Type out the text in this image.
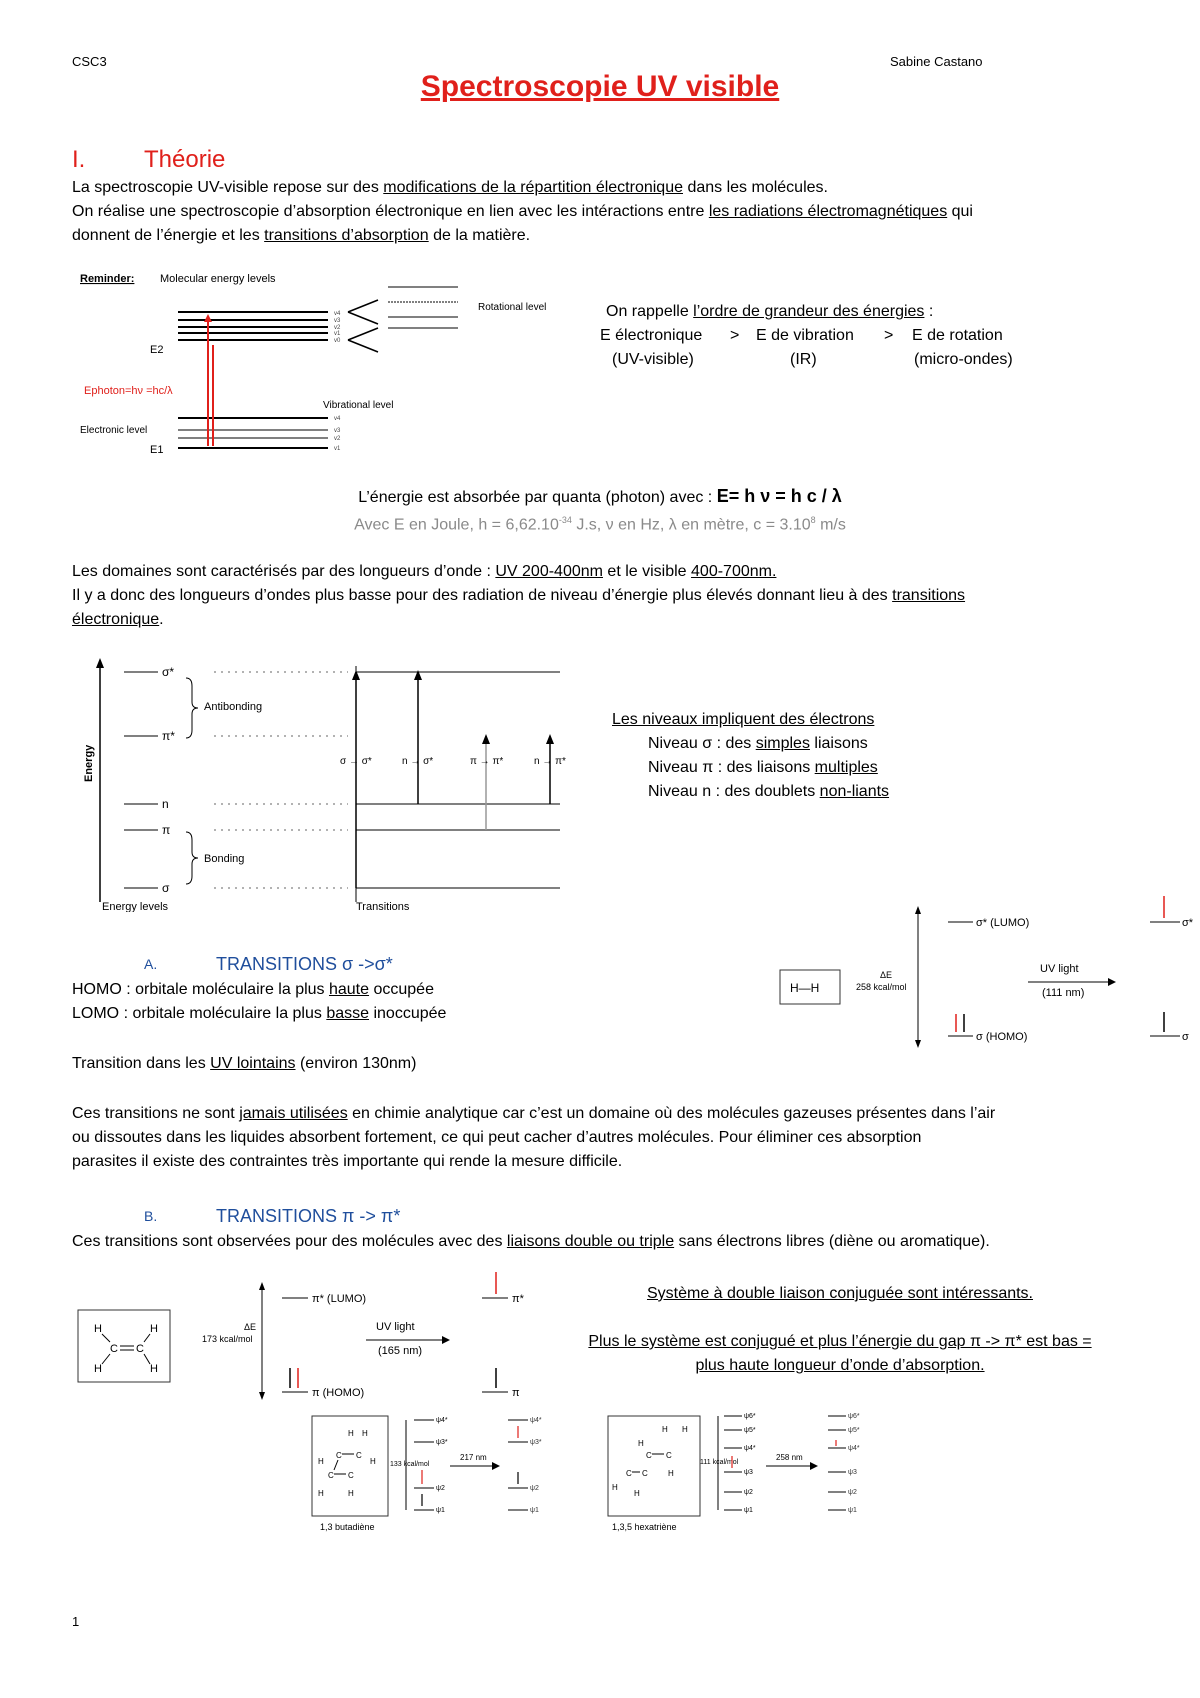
CSC3	Sabine Castano
Spectroscopie UV visible
I. Théorie
La spectroscopie UV-visible repose sur des modifications de la répartition électronique dans les molécules.
On réalise une spectroscopie d’absorption électronique en lien avec les intéractions entre les radiations électromagnétiques qui
donnent de l’énergie et les transitions d’absorption de la matière.
Reminder: Molecular energy levels
E2
E1
Ephoton=hν =hc/λ
Electronic level
v4
v3
v2
v1
v0
v4
v3
v2
v1
Rotational level
Vibrational level
On rappelle l’ordre de grandeur des énergies :
E électronique > E de vibration > E de rotation
(UV-visible)	(IR)	(micro-ondes)
L’énergie est absorbée par quanta (photon) avec : E= h ν = h c / λ
Avec E en Joule, $h = 6,62.10^{-34}$ J.s, ν en Hz, λ en mètre, $c = 3.10^8$ m/s
Les domaines sont caractérisés par des longueurs d’onde : UV 200-400nm et le visible 400-700nm.
Il y a donc des longueurs d’ondes plus basse pour des radiation de niveau d’énergie plus élevés donnant lieu à des transitions
électronique.
Energy
σ*
π*
n
π
σ
Antibonding
Bonding
Energy levels
σ → σ*	n → σ*	π → π*	n → π*
Transitions
Les niveaux impliquent des électrons
Niveau σ : des simples liaisons
Niveau π : des liaisons multiples
Niveau n : des doublets non-liants
H—H
ΔE
258 kcal/mol
σ* (LUMO)
σ (HOMO)
UV light
(111 nm)
σ*
σ
A.	TRANSITIONS σ ->σ*
HOMO : orbitale moléculaire la plus haute occupée
LOMO : orbitale moléculaire la plus basse inoccupée
Transition dans les UV lointains (environ 130nm)
Ces transitions ne sont jamais utilisées en chimie analytique car c’est un domaine où des molécules gazeuses présentes dans l’air
ou dissoutes dans les liquides absorbent fortement, ce qui peut cacher d’autres molécules. Pour éliminer ces absorption
parasites il existe des contraintes très importante qui rende la mesure difficile.
B.	TRANSITIONS π -> π*
Ces transitions sont observées pour des molécules avec des liaisons double ou triple sans électrons libres (diène ou aromatique).
Système à double liaison conjuguée sont intéressants.
Plus le système est conjugué et plus l’énergie du gap π -> π* est bas =
plus haute longueur d’onde d’absorption.
H	H
H	H
C C
ΔE
173 kcal/mol
π* (LUMO)
π (HOMO)
UV light
(165 nm)
π*
π
H H
C C
C C
H	H
H	H
1,3 butadiène
133 kcal/mol
ψ4*
ψ3*
ψ2
ψ1
217 nm
ψ4*
ψ3*
ψ2
ψ1
H H
H
C C
C C	H
H
H
1,3,5 hexatriène
111 kcal/mol
ψ6*
ψ5*
ψ4*
ψ3
ψ2
ψ1
258 nm
ψ6*
ψ5*
ψ4*
ψ3
ψ2
ψ1
1
